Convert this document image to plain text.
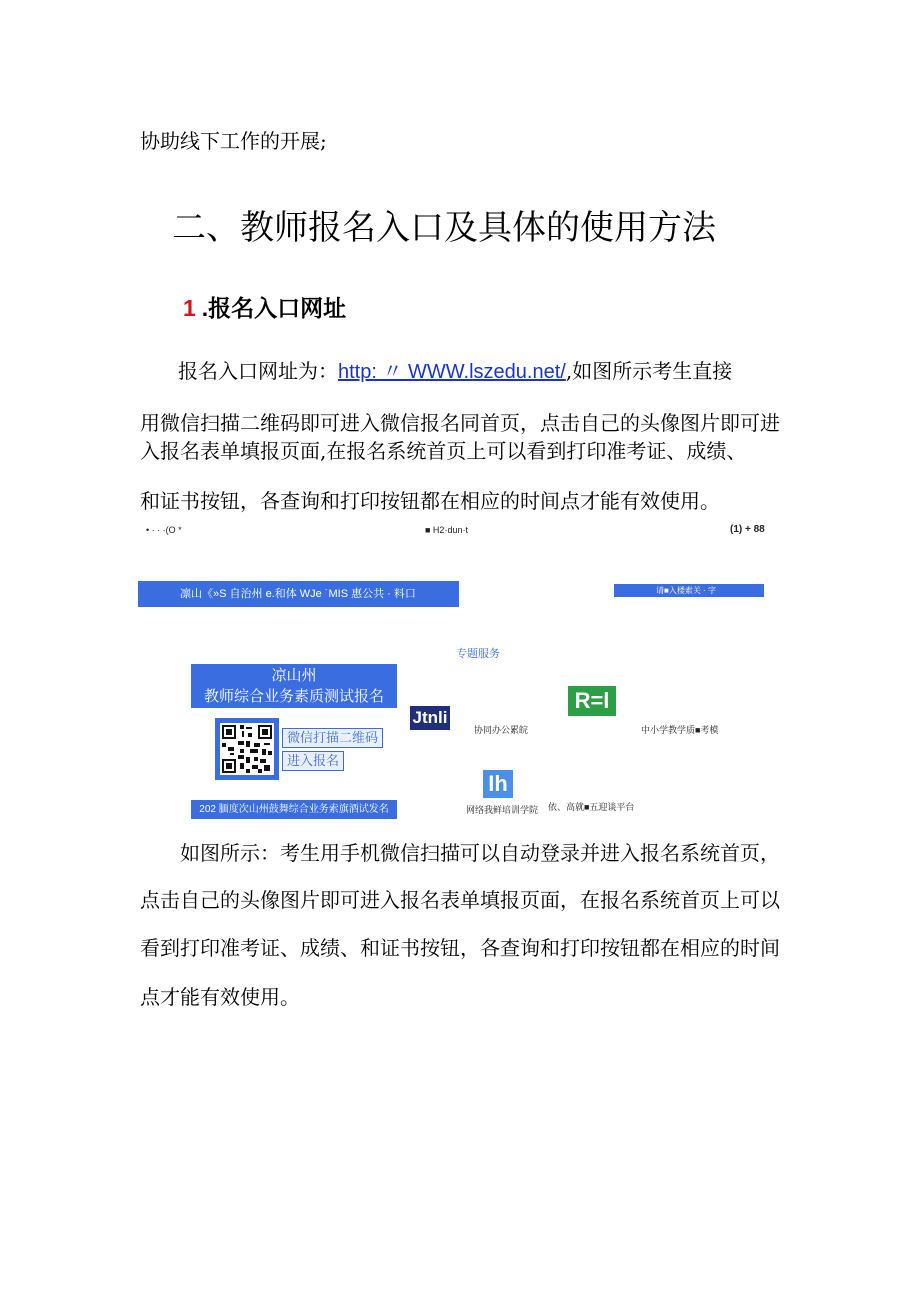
协助线下工作的开展;
二、教师报名入口及具体的使用方法
1 .报名入口网址
报名入口网址为：http: 〃 WWW.lszedu.net/,如图所示考生直接
用微信扫描二维码即可进入微信报名同首页，点击自己的头像图片即可进
入报名表单填报页面,在报名系统首页上可以看到打印准考证、成绩、
和证书按钮，各查询和打印按钮都在相应的时间点才能有效使用。
• · · ·(O *	■ H2·dun·t	(1) + 88
凛山《»S 自治州 e.和体 WJe ˙MIS 惠公共 · 料口	请■入楼索关 · 字
专题服务
凉山州
教师综合业务素质测试报名
微信打描二维码
进入报名
202 腼度次山州鼓舞综合业务索旗酒试发名
Jtnli
协同办公累皖
R=l
中小学教学质■考模
Ih
网络我鲜培训学院 依、高就■五迎谈平台
如图所示：考生用手机微信扫描可以自动登录并进入报名系统首页，
点击自己的头像图片即可进入报名表单填报页面，在报名系统首页上可以
看到打印准考证、成绩、和证书按钮，各查询和打印按钮都在相应的时间
点才能有效使用。
